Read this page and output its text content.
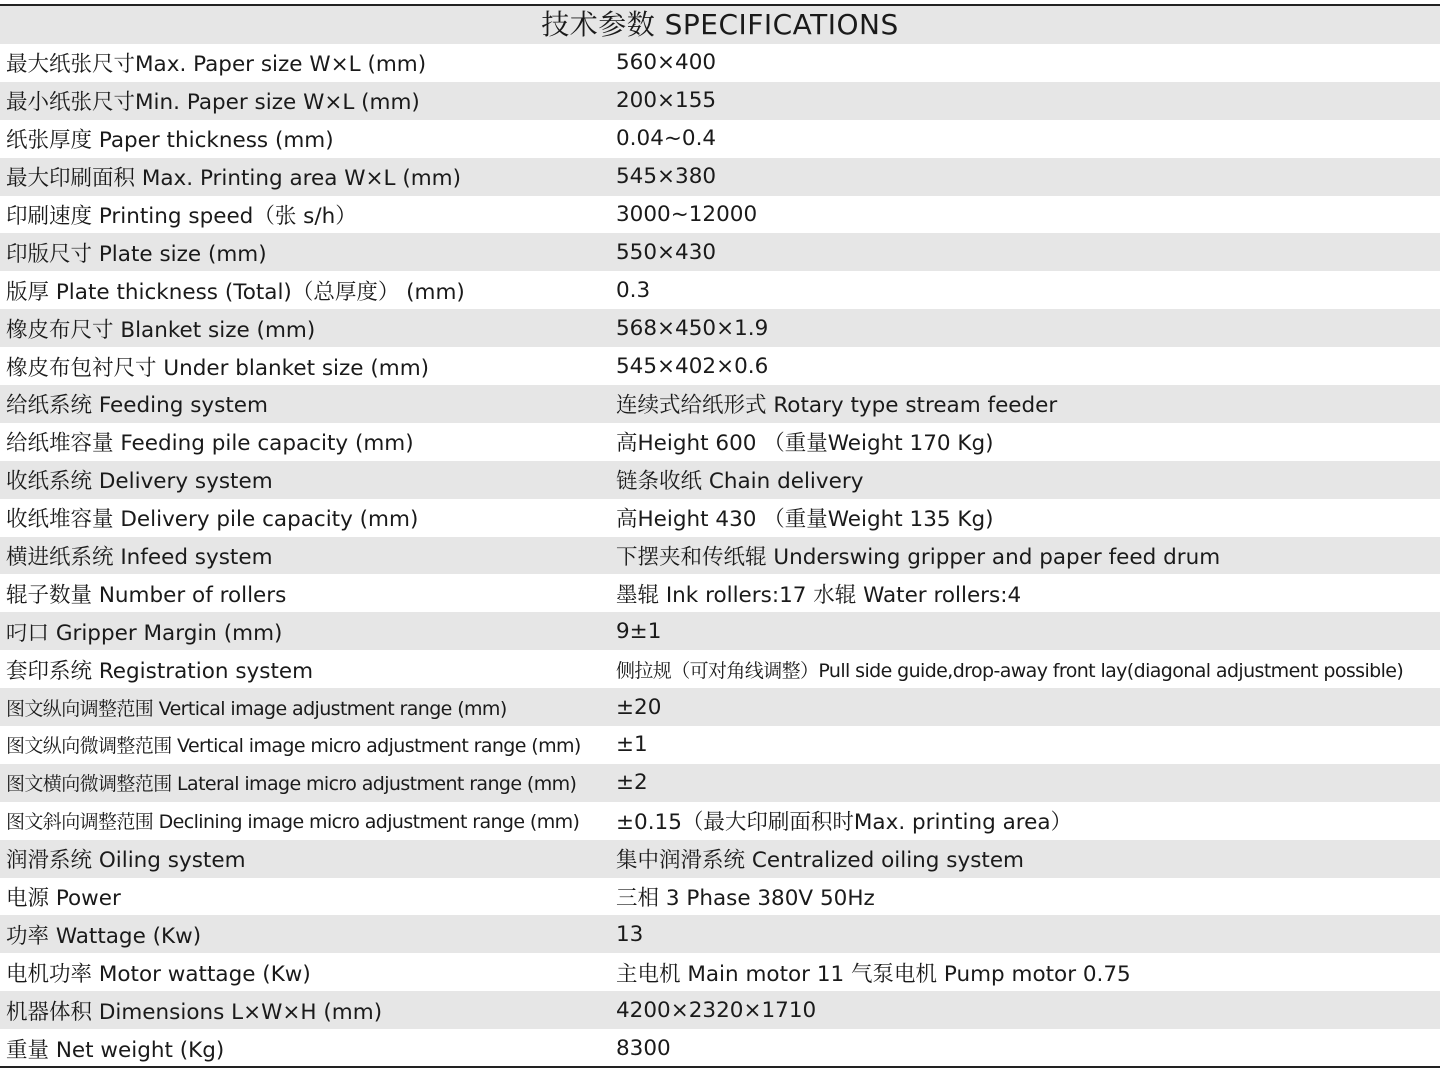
技术参数 SPECIFICATIONS
最大纸张尺寸Max. Paper size W×L (mm)	560×400
最小纸张尺寸Min. Paper size W×L (mm)	200×155
纸张厚度 Paper thickness (mm)	0.04~0.4
最大印刷面积 Max. Printing area W×L (mm)	545×380
印刷速度 Printing speed（张 s/h）	3000~12000
印版尺寸 Plate size (mm)	550×430
版厚 Plate thickness (Total)（总厚度） (mm)	0.3
橡皮布尺寸 Blanket size (mm)	568×450×1.9
橡皮布包衬尺寸 Under blanket size (mm)	545×402×0.6
给纸系统 Feeding system	连续式给纸形式 Rotary type stream feeder
给纸堆容量 Feeding pile capacity (mm)	高Height 600 （重量Weight 170 Kg)
收纸系统 Delivery system	链条收纸 Chain delivery
收纸堆容量 Delivery pile capacity (mm)	高Height 430 （重量Weight 135 Kg)
横进纸系统 Infeed system	下摆夹和传纸辊 Underswing gripper and paper feed drum
辊子数量 Number of rollers	墨辊 Ink rollers:17 水辊 Water rollers:4
叼口 Gripper Margin (mm)	9±1
套印系统 Registration system	侧拉规（可对角线调整）Pull side guide,drop-away front lay(diagonal adjustment possible)
图文纵向调整范围 Vertical image adjustment range (mm)	±20
图文纵向微调整范围 Vertical image micro adjustment range (mm)	±1
图文横向微调整范围 Lateral image micro adjustment range (mm)	±2
图文斜向调整范围 Declining image micro adjustment range (mm)	±0.15（最大印刷面积时Max. printing area）
润滑系统 Oiling system	集中润滑系统 Centralized oiling system
电源 Power	三相 3 Phase 380V 50Hz
功率 Wattage (Kw)	13
电机功率 Motor wattage (Kw)	主电机 Main motor 11 气泵电机 Pump motor 0.75
机器体积 Dimensions L×W×H (mm)	4200×2320×1710
重量 Net weight (Kg)	8300
